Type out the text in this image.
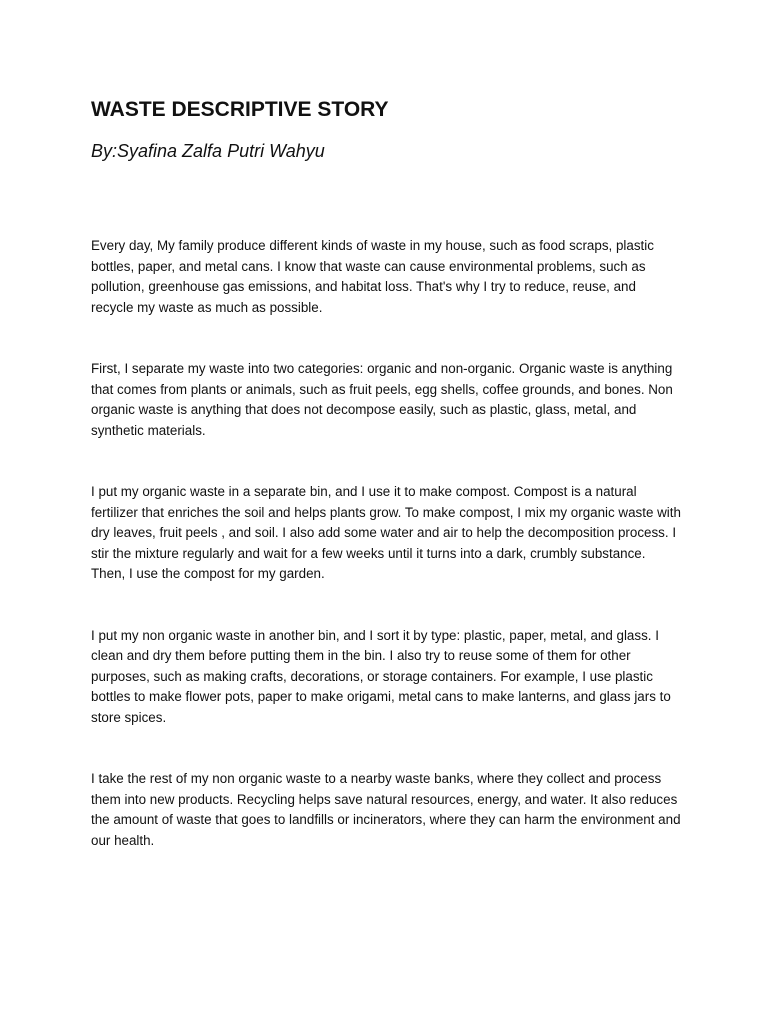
WASTE DESCRIPTIVE STORY

By:Syafina Zalfa Putri Wahyu

Every day, My family produce different kinds of waste in my house, such as food scraps, plastic bottles, paper, and metal cans. I know that waste can cause environmental problems, such as pollution, greenhouse gas emissions, and habitat loss. That's why I try to reduce, reuse, and recycle my waste as much as possible.

First, I separate my waste into two categories: organic and non-organic. Organic waste is anything that comes from plants or animals, such as fruit peels, egg shells, coffee grounds, and bones. Non organic waste is anything that does not decompose easily, such as plastic, glass, metal, and synthetic materials.

I put my organic waste in a separate bin, and I use it to make compost. Compost is a natural fertilizer that enriches the soil and helps plants grow. To make compost, I mix my organic waste with dry leaves, fruit peels , and soil. I also add some water and air to help the decomposition process. I stir the mixture regularly and wait for a few weeks until it turns into a dark, crumbly substance. Then, I use the compost for my garden.

I put my non organic waste in another bin, and I sort it by type: plastic, paper, metal, and glass. I clean and dry them before putting them in the bin. I also try to reuse some of them for other purposes, such as making crafts, decorations, or storage containers. For example, I use plastic bottles to make flower pots, paper to make origami, metal cans to make lanterns, and glass jars to store spices.

I take the rest of my non organic waste to a nearby waste banks, where they collect and process them into new products. Recycling helps save natural resources, energy, and water. It also reduces the amount of waste that goes to landfills or incinerators, where they can harm the environment and our health.
